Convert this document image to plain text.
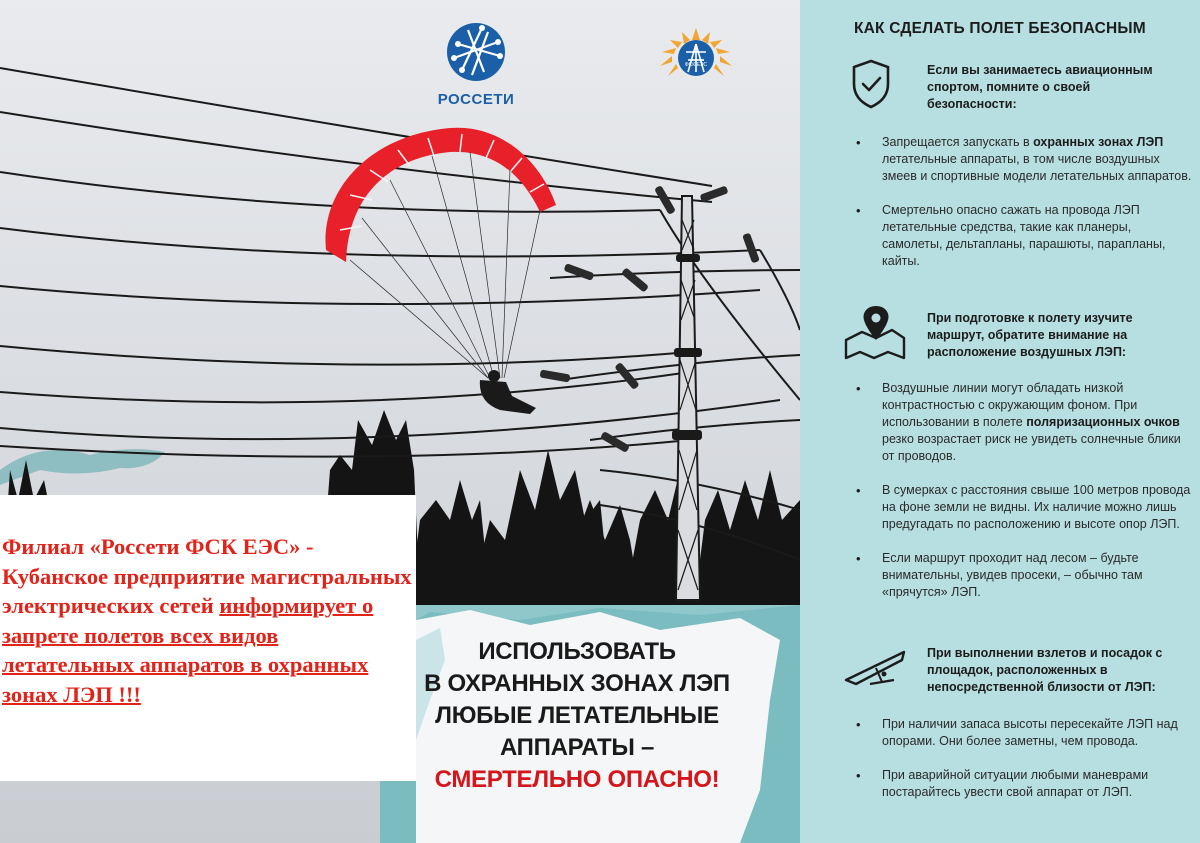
РОССЕТИ
ФСК ЕЭС
Филиал «Россети ФСК ЕЭС» - Кубанское предприятие магистральных электрических сетей информирует о запрете полетов всех видов летательных аппаратов в охранных зонах ЛЭП !!!
ИСПОЛЬЗОВАТЬ
В ОХРАННЫХ ЗОНАХ ЛЭП
ЛЮБЫЕ ЛЕТАТЕЛЬНЫЕ
АППАРАТЫ –
СМЕРТЕЛЬНО ОПАСНО!
КАК СДЕЛАТЬ ПОЛЕТ БЕЗОПАСНЫМ
Если вы занимаетесь авиационным спортом, помните о своей безопасности:
• Запрещается запускать в охранных зонах ЛЭП летательные аппараты, в том числе воздушных змеев и спортивные модели летательных аппаратов.
• Смертельно опасно сажать на провода ЛЭП летательные средства, такие как планеры, самолеты, дельтапланы, парашюты, парапланы, кайты.
При подготовке к полету изучите маршрут, обратите внимание на расположение воздушных ЛЭП:
• Воздушные линии могут обладать низкой контрастностью с окружающим фоном. При использовании в полете поляризационных очков резко возрастает риск не увидеть солнечные блики от проводов.
• В сумерках с расстояния свыше 100 метров провода на фоне земли не видны. Их наличие можно лишь предугадать по расположению и высоте опор ЛЭП.
• Если маршрут проходит над лесом – будьте внимательны, увидев просеки, – обычно там «прячутся» ЛЭП.
При выполнении взлетов и посадок с площадок, расположенных в непосредственной близости от ЛЭП:
• При наличии запаса высоты пересекайте ЛЭП над опорами. Они более заметны, чем провода.
• При аварийной ситуации любыми маневрами постарайтесь увести свой аппарат от ЛЭП.
